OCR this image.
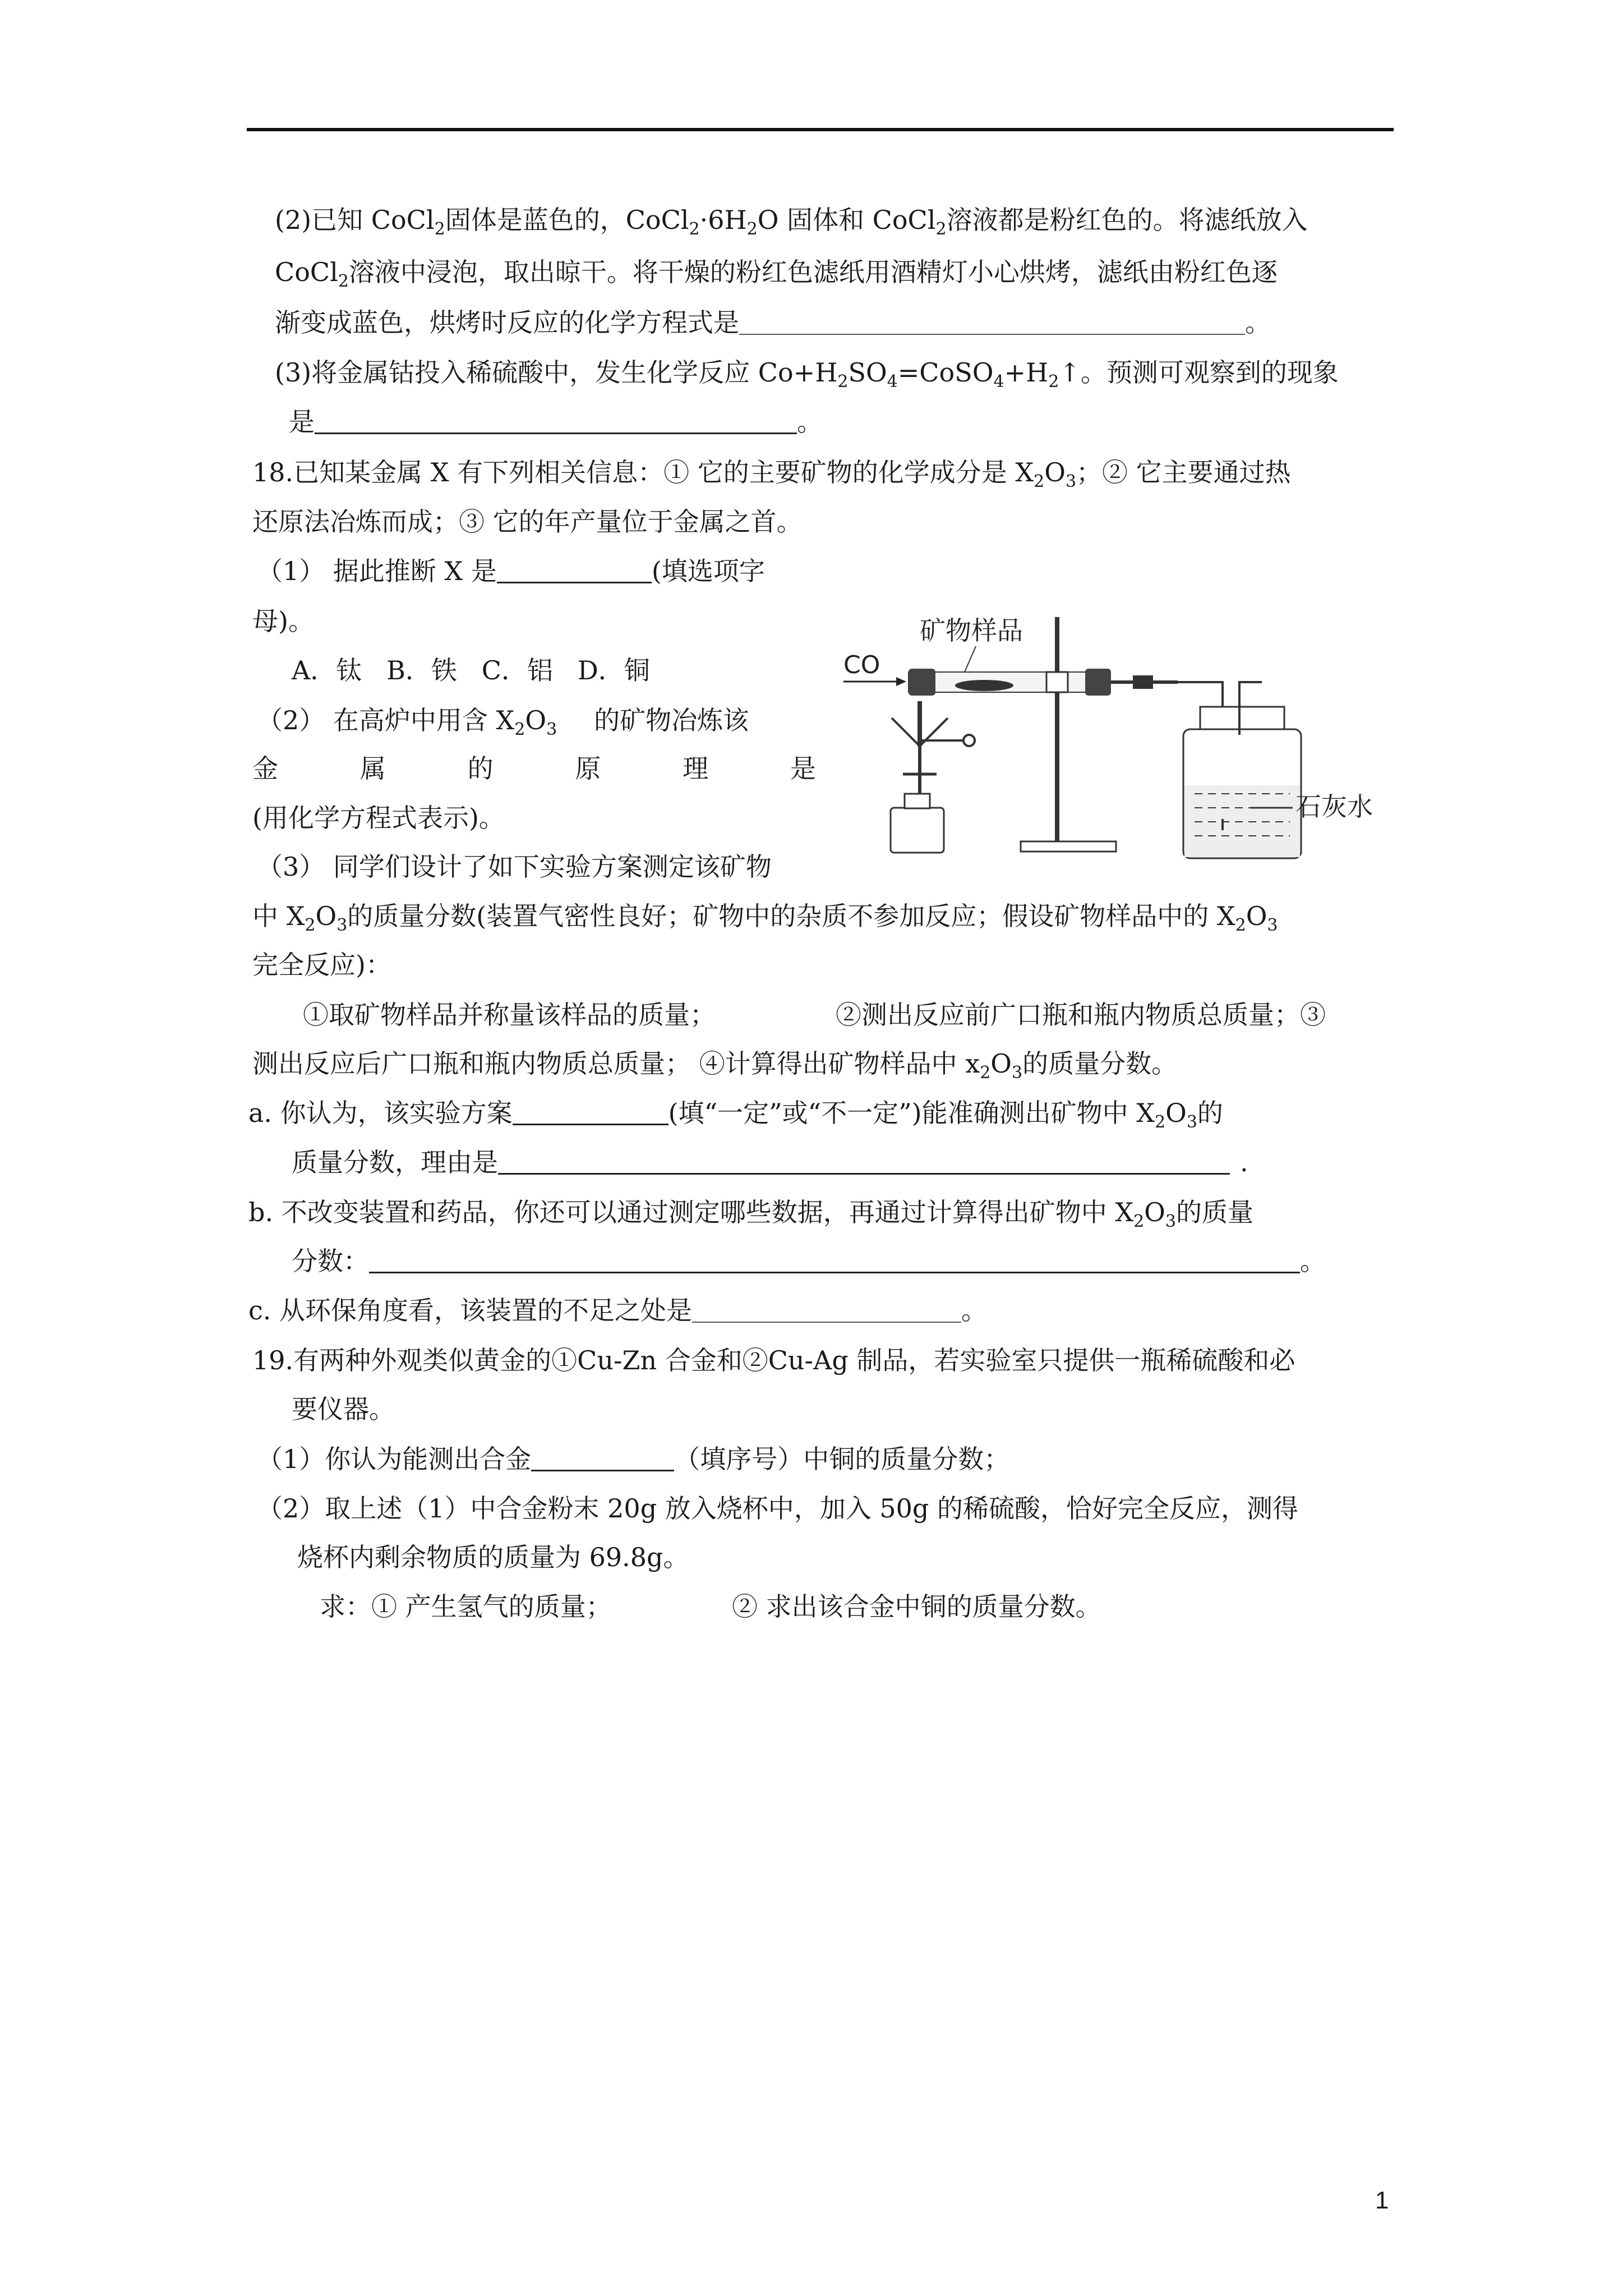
(2)已知 CoCl$_2$固体是蓝色的，$CoCl_2\cdot 6H_2O$ 固体和 CoCl$_2$溶液都是粉红色的。将滤纸放入
CoCl$_2$溶液中浸泡，取出晾干。将干燥的粉红色滤纸用酒精灯小心烘烤，滤纸由粉红色逐
渐变成蓝色，烘烤时反应的化学方程式是	。
(3)将金属钴投入稀硫酸中，发生化学反应 $Co+H_2SO_4=CoSO_4+H_2↑$。预测可观察到的现象
是	。
18.已知某金属 X 有下列相关信息：① 它的主要矿物的化学成分是 $X_2O_3$；② 它主要通过热
还原法冶炼而成；③ 它的年产量位于金属之首。
（1） 据此推断 X 是	(填选项字
母)。
A．钛   B．铁   C．铝   D．铜
（2） 在高炉中用含 $X_2O_3$ 的矿物冶炼该
金	属	的	原	理	是
(用化学方程式表示)。
（3） 同学们设计了如下实验方案测定该矿物
CO
矿物样品
石灰水
中 $X_2O_3$的质量分数(装置气密性良好；矿物中的杂质不参加反应；假设矿物样品中的 $X_2O_3$
完全反应)：
①取矿物样品并称量该样品的质量；	②测出反应前广口瓶和瓶内物质总质量；③
测出反应后广口瓶和瓶内物质总质量； ④计算得出矿物样品中 $x_2O_3$的质量分数。
a. 你认为，该实验方案	(填“一定”或“不一定”)能准确测出矿物中 $X_2O_3$的
质量分数，理由是	.
b. 不改变装置和药品，你还可以通过测定哪些数据，再通过计算得出矿物中 $X_2O_3$的质量
分数：	。
c. 从环保角度看，该装置的不足之处是	。
19.有两种外观类似黄金的①Cu-Zn 合金和②Cu-Ag 制品，若实验室只提供一瓶稀硫酸和必
要仪器。
（1）你认为能测出合金	（填序号）中铜的质量分数；
（2）取上述（1）中合金粉末 20g 放入烧杯中，加入 50g 的稀硫酸，恰好完全反应，测得
烧杯内剩余物质的质量为 69.8g。
求：① 产生氢气的质量；	② 求出该合金中铜的质量分数。
1
